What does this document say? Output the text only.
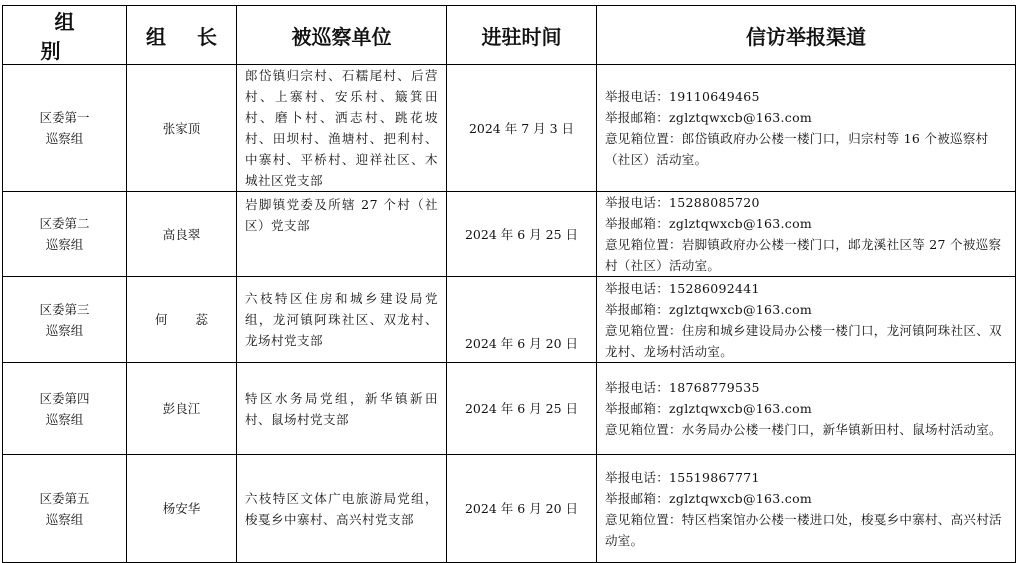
组 别	组 长	被巡察单位	进驻时间	信访举报渠道

区委第一
巡察组	张家顶	郎岱镇归宗村、石糯尾村、后营村、上寨村、安乐村、簸箕田村、磨卜村、洒志村、跳花坡村、田坝村、渔塘村、把利村、中寨村、平桥村、迎祥社区、木城社区党支部	2024 年 7 月 3 日	举报电话：19110649465
举报邮箱：zglztqwxcb@163.com
意见箱位置：郎岱镇政府办公楼一楼门口，归宗村等 16 个被巡察村（社区）活动室。

区委第二
巡察组	高良翠	岩脚镇党委及所辖 27 个村（社区）党支部	2024 年 6 月 25 日	举报电话：15288085720
举报邮箱：zglztqwxcb@163.com
意见箱位置：岩脚镇政府办公楼一楼门口，䢺龙溪社区等 27 个被巡察村（社区）活动室。

区委第三
巡察组	何 蕊	六枝特区住房和城乡建设局党组，龙河镇阿珠社区、双龙村、龙场村党支部	2024 年 6 月 20 日	举报电话：15286092441
举报邮箱：zglztqwxcb@163.com
意见箱位置：住房和城乡建设局办公楼一楼门口，龙河镇阿珠社区、双龙村、龙场村活动室。

区委第四
巡察组	彭良江	特区水务局党组，新华镇新田村、鼠场村党支部	2024 年 6 月 25 日	举报电话：18768779535
举报邮箱：zglztqwxcb@163.com
意见箱位置：水务局办公楼一楼门口，新华镇新田村、鼠场村活动室。

区委第五
巡察组	杨安华	六枝特区文体广电旅游局党组，梭戛乡中寨村、高兴村党支部	2024 年 6 月 20 日	举报电话：15519867771
举报邮箱：zglztqwxcb@163.com
意见箱位置：特区档案馆办公楼一楼进口处，梭戛乡中寨村、高兴村活动室。
